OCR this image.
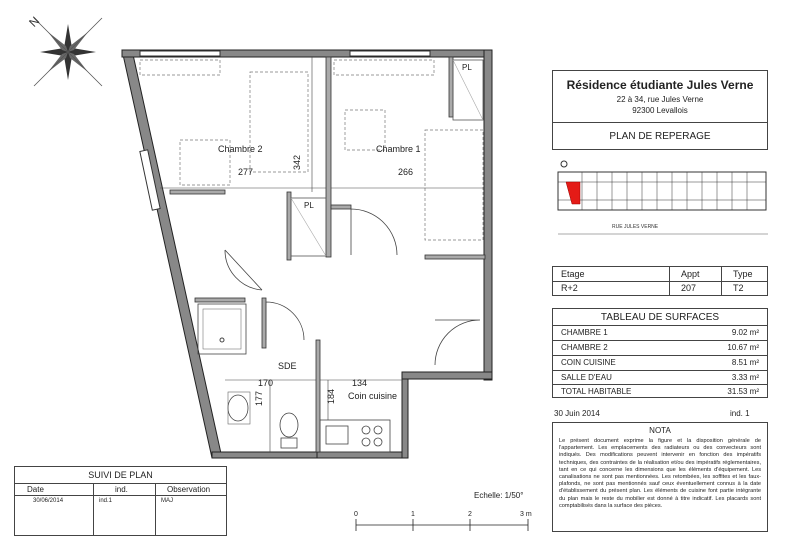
N
Chambre 2	Chambre 1
SDE
Coin cuisine
PL
PL
277	266
342
170	134
177	184
Résidence étudiante Jules Verne
22 à 34, rue Jules Verne
92300 Levallois
PLAN DE REPERAGE
RUE JULES VERNE
Etage	Appt	Type
R+2	207	T2
TABLEAU DE SURFACES
CHAMBRE 1	9.02 m²
CHAMBRE 2	10.67 m²
COIN CUISINE	8.51 m²
SALLE D'EAU	3.33 m²
TOTAL HABITABLE	31.53 m²
30 Juin 2014	ind. 1
NOTA
Le présent document exprime la figure et la disposition générale de l'appartement. Les emplacements des radiateurs ou des convecteurs sont indiqués. Des modifications peuvent intervenir en fonction des impératifs techniques, des contraintes de la réalisation et/ou des impératifs réglementaires, tant en ce qui concerne les dimensions que les éléments d'équipement. Les canalisations ne sont pas mentionnées. Les retombées, les soffites et les faux-plafonds, ne sont pas mentionnés sauf ceux éventuellement connus à la date d'établissement du présent plan. Les éléments de cuisine font partie intégrante du plan mais le reste du mobilier est donné à titre indicatif. Les placards sont comptabilisés dans la surface des pièces.
SUIVI DE PLAN
Date	ind.	Observation
30/06/2014	ind.1	MAJ
Echelle: 1/50°
0	1	2	3 m
